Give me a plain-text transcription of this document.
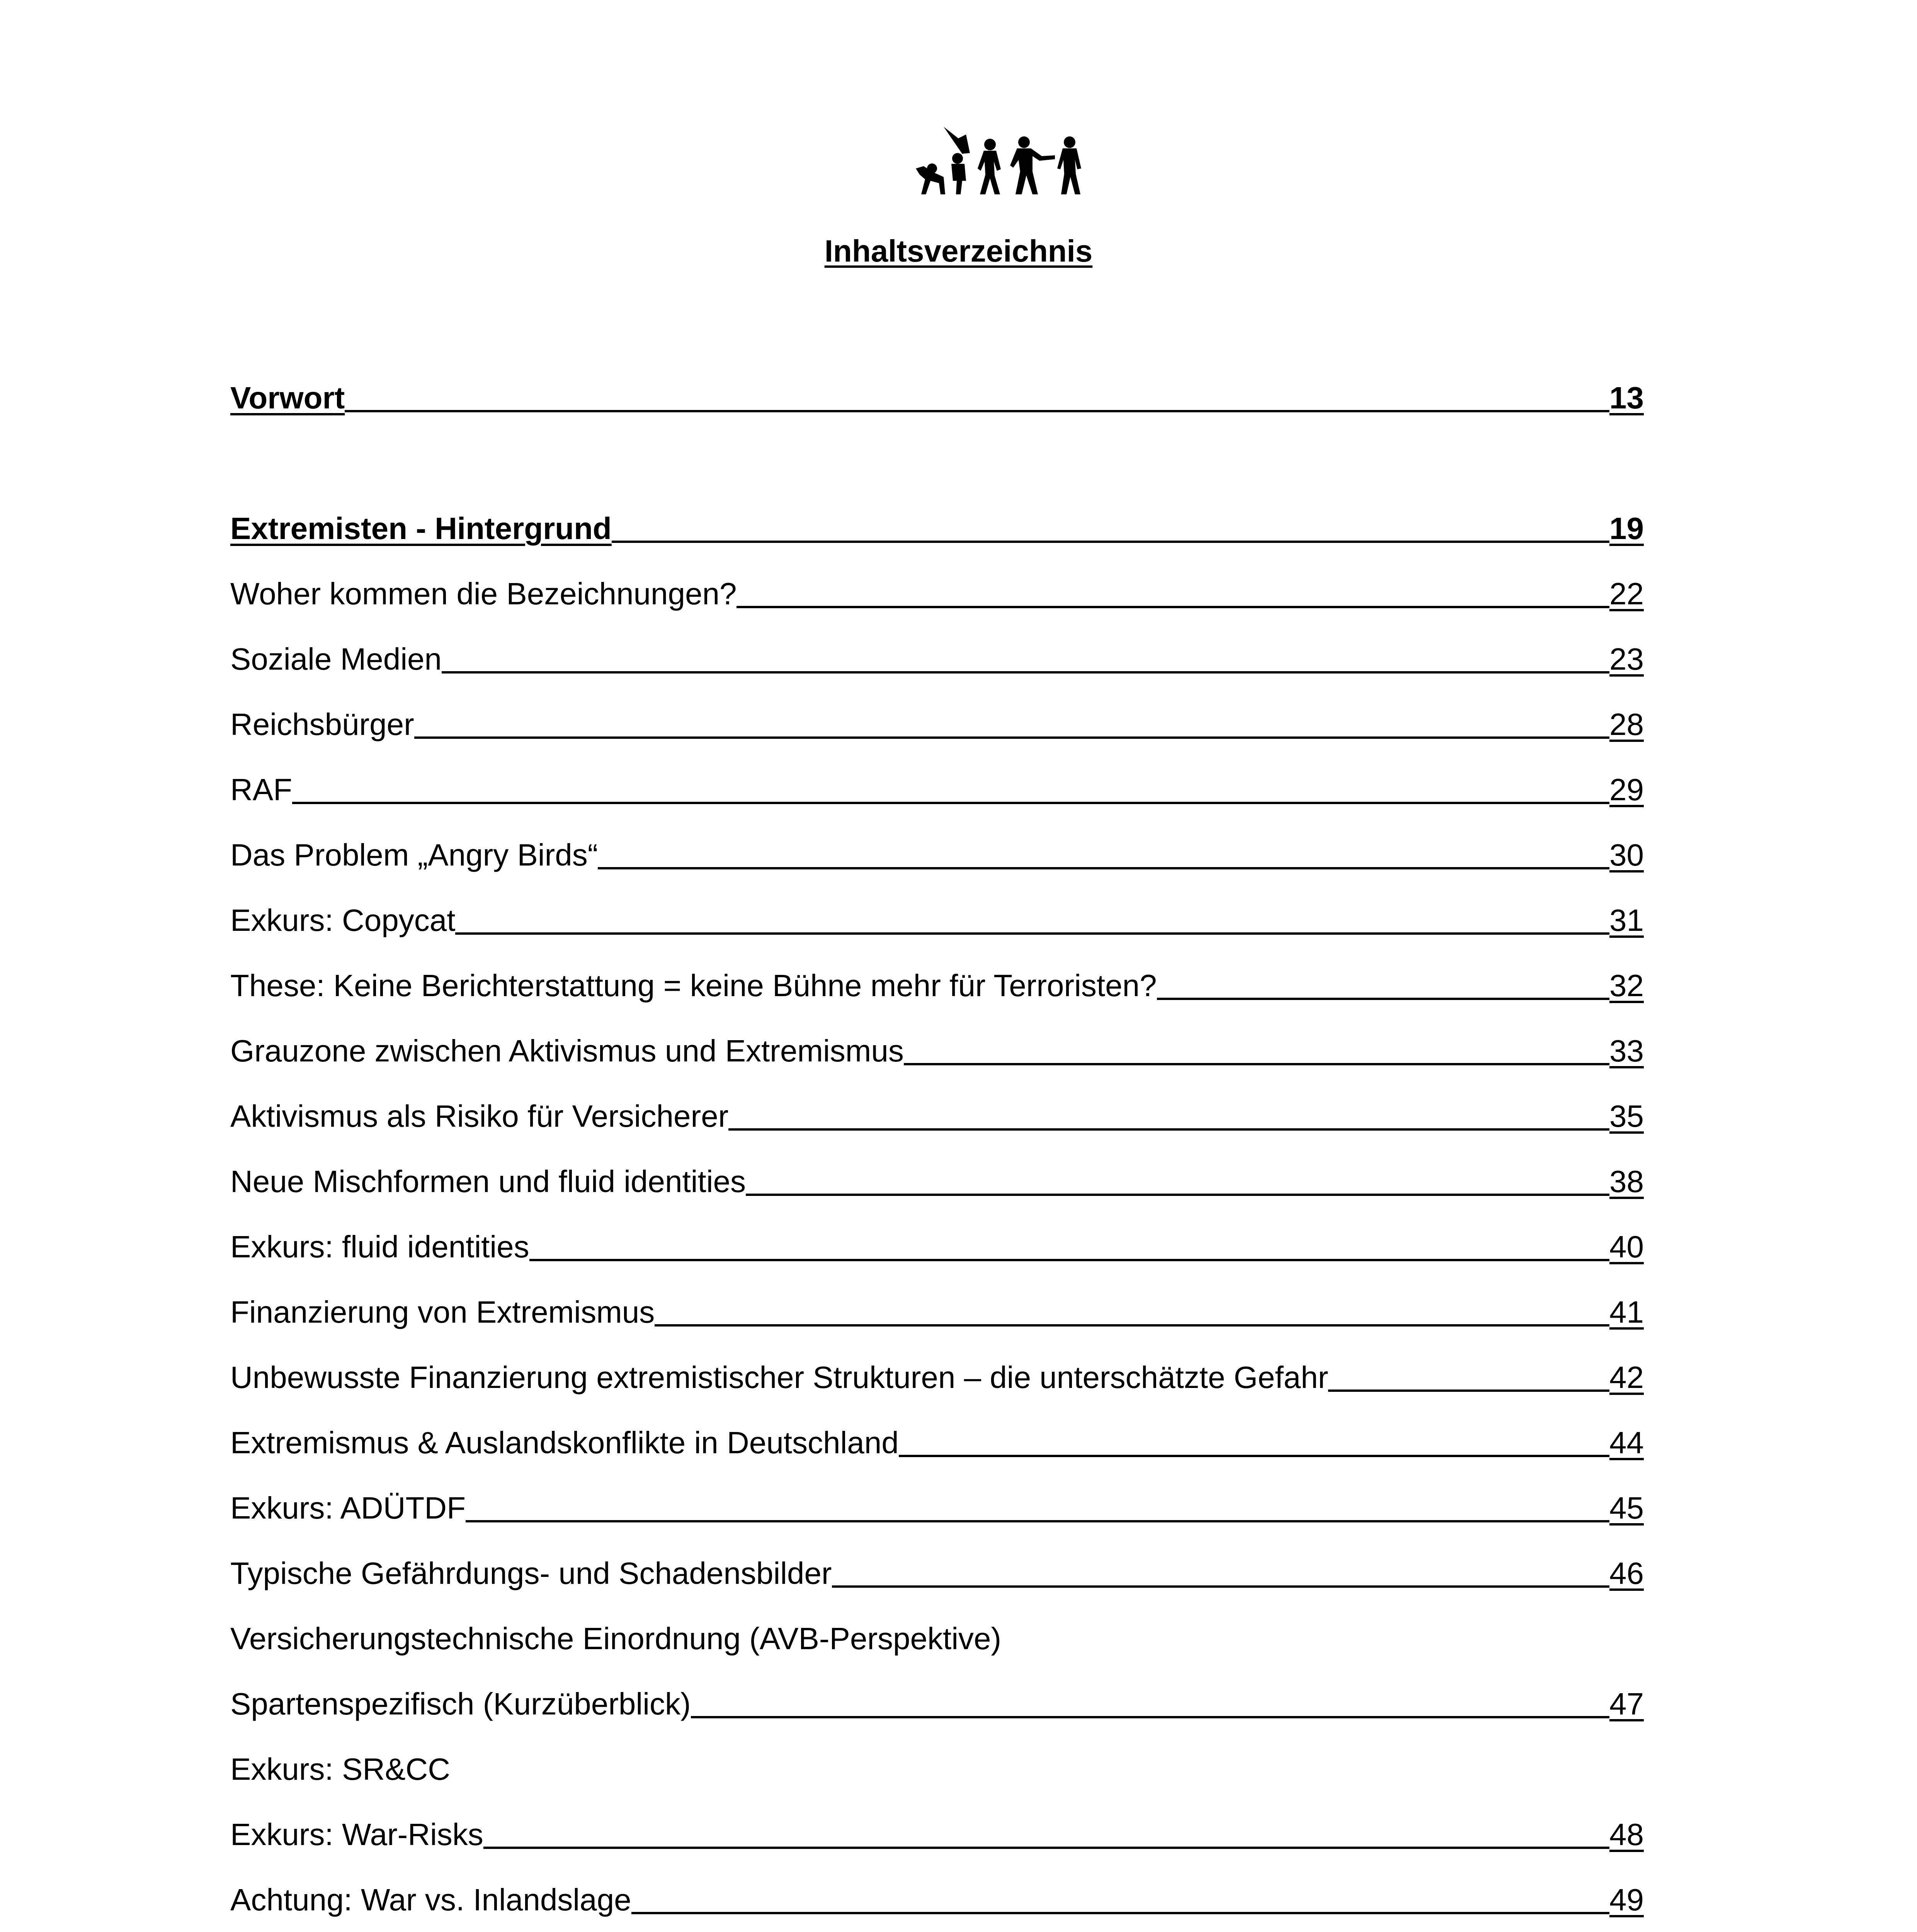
Inhaltsverzeichnis
Vorwort	13
Extremisten - Hintergrund	19
Woher kommen die Bezeichnungen?	22
Soziale Medien	23
Reichsbürger	28
RAF	29
Das Problem „Angry Birds“	30
Exkurs: Copycat	31
These: Keine Berichterstattung = keine Bühne mehr für Terroristen?	32
Grauzone zwischen Aktivismus und Extremismus	33
Aktivismus als Risiko für Versicherer	35
Neue Mischformen und fluid identities	38
Exkurs: fluid identities	40
Finanzierung von Extremismus	41
Unbewusste Finanzierung extremistischer Strukturen – die unterschätzte Gefahr	42
Extremismus & Auslandskonflikte in Deutschland	44
Exkurs: ADÜTDF	45
Typische Gefährdungs- und Schadensbilder	46
Versicherungstechnische Einordnung (AVB-Perspektive)
Spartenspezifisch (Kurzüberblick)	47
Exkurs: SR&CC
Exkurs: War-Risks	48
Achtung: War vs. Inlandslage	49
